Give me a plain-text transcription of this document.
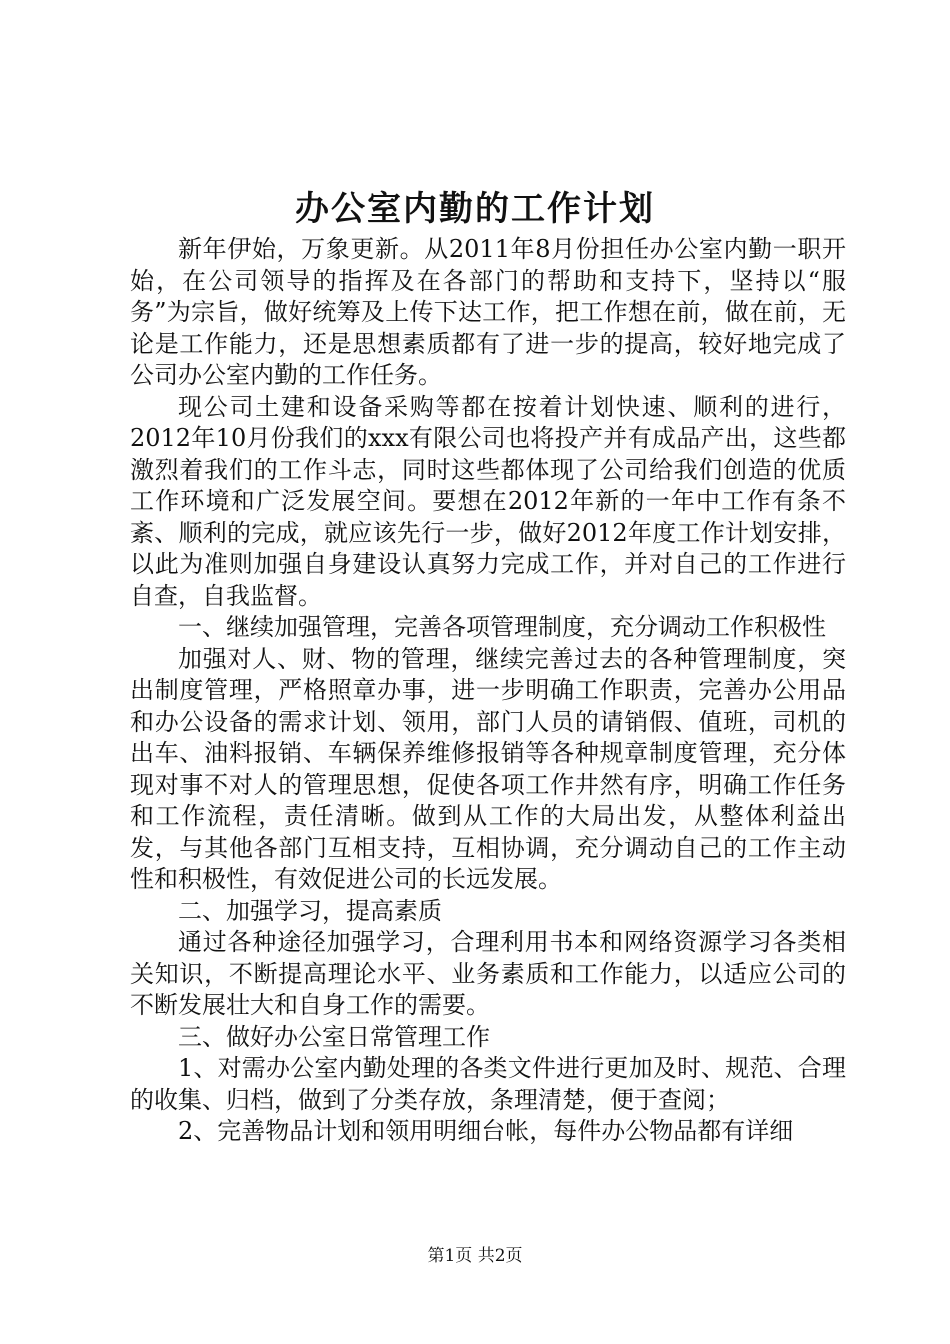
办公室内勤的工作计划

新年伊始，万象更新。从2011年8月份担任办公室内勤一职开始，在公司领导的指挥及在各部门的帮助和支持下，坚持以“服务”为宗旨，做好统筹及上传下达工作，把工作想在前，做在前，无论是工作能力，还是思想素质都有了进一步的提高，较好地完成了公司办公室内勤的工作任务。

现公司土建和设备采购等都在按着计划快速、顺利的进行，2012年10月份我们的xxx有限公司也将投产并有成品产出，这些都激烈着我们的工作斗志，同时这些都体现了公司给我们创造的优质工作环境和广泛发展空间。要想在2012年新的一年中工作有条不紊、顺利的完成，就应该先行一步，做好2012年度工作计划安排，以此为准则加强自身建设认真努力完成工作，并对自己的工作进行自查，自我监督。

一、继续加强管理，完善各项管理制度，充分调动工作积极性

加强对人、财、物的管理，继续完善过去的各种管理制度，突出制度管理，严格照章办事，进一步明确工作职责，完善办公用品和办公设备的需求计划、领用，部门人员的请销假、值班，司机的出车、油料报销、车辆保养维修报销等各种规章制度管理，充分体现对事不对人的管理思想，促使各项工作井然有序，明确工作任务和工作流程，责任清晰。做到从工作的大局出发，从整体利益出发，与其他各部门互相支持，互相协调，充分调动自己的工作主动性和积极性，有效促进公司的长远发展。

二、加强学习，提高素质

通过各种途径加强学习，合理利用书本和网络资源学习各类相关知识，不断提高理论水平、业务素质和工作能力，以适应公司的不断发展壮大和自身工作的需要。

三、做好办公室日常管理工作

1、对需办公室内勤处理的各类文件进行更加及时、规范、合理的收集、归档，做到了分类存放，条理清楚，便于查阅；

2、完善物品计划和领用明细台帐，每件办公物品都有详细

第1页 共2页
